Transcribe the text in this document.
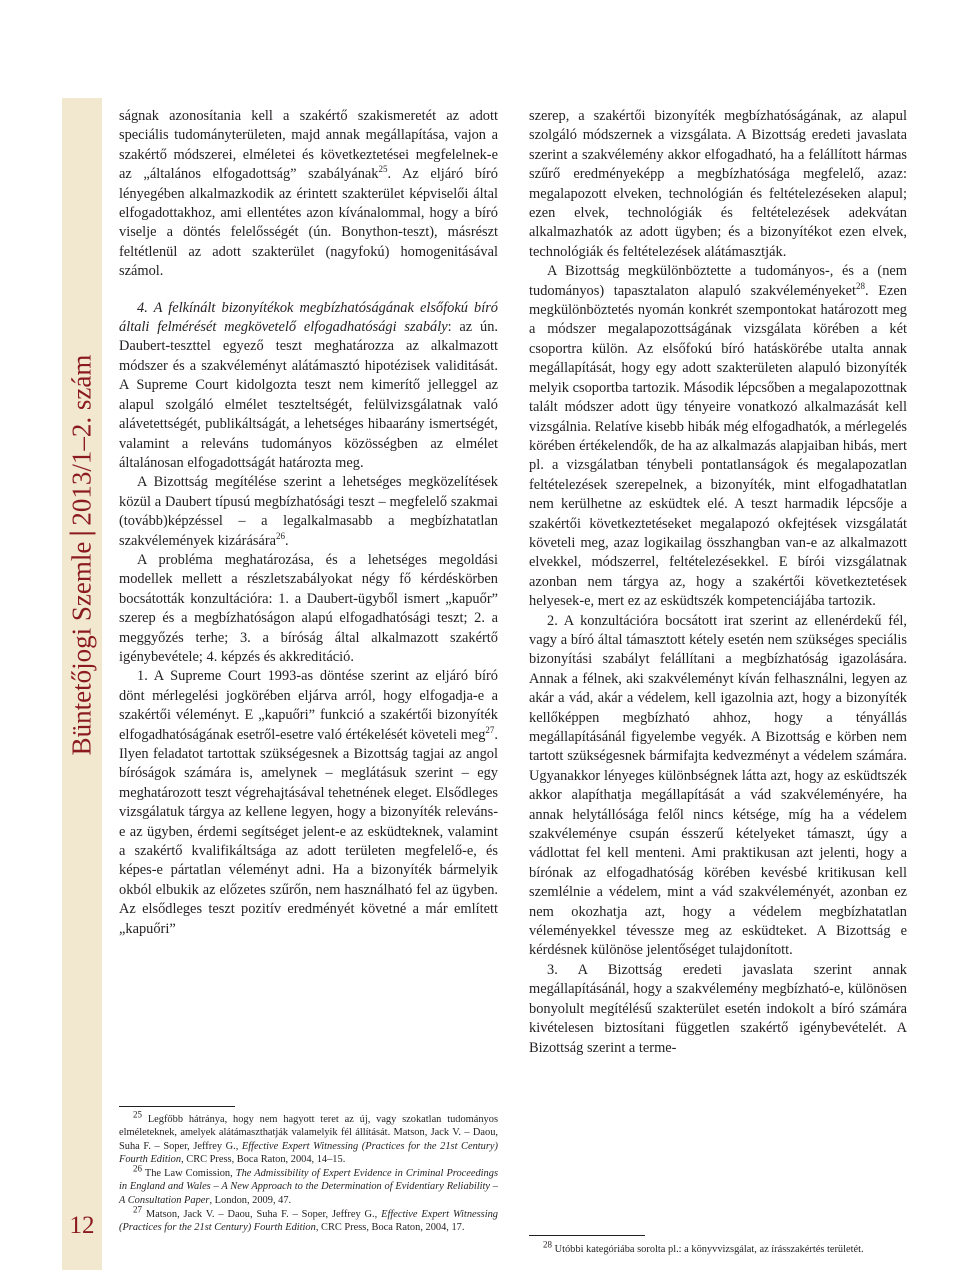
Büntetőjogi Szemle
2013/1–2. szám
12

ságnak azonosítania kell a szakértő szakismeretét az adott speciális tudományterületen, majd annak megállapítása, vajon a szakértő módszerei, elméletei és következtetései megfelelnek-e az „általános elfogadottság” szabályának$^{25}$. Az eljáró bíró lényegében alkalmazkodik az érintett szakterület képviselői által elfogadottakhoz, ami ellentétes azon kívánalommal, hogy a bíró viselje a döntés felelősségét (ún. Bonython-teszt), másrészt feltétlenül az adott szakterület (nagyfokú) homogenitásával számol.

4. A felkínált bizonyítékok megbízhatóságának elsőfokú bíró általi felmérését megkövetelő elfogadhatósági szabály: az ún. Daubert-teszttel egyező teszt meghatározza az alkalmazott módszer és a szakvéleményt alátámasztó hipotézisek validitását. A Supreme Court kidolgozta teszt nem kimerítő jelleggel az alapul szolgáló elmélet teszteltségét, felülvizsgálatnak való alávetettségét, publikáltságát, a lehetséges hibaarány ismertségét, valamint a releváns tudományos közösségben az elmélet általánosan elfogadottságát határozta meg.

A Bizottság megítélése szerint a lehetséges megközelítések közül a Daubert típusú megbízhatósági teszt – megfelelő szakmai (tovább)képzéssel – a legalkalmasabb a megbízhatatlan szakvélemények kizárására$^{26}$.

A probléma meghatározása, és a lehetséges megoldási modellek mellett a részletszabályokat négy fő kérdéskörben bocsátották konzultációra: 1. a Daubert-ügyből ismert „kapuőr” szerep és a megbízhatóságon alapú elfogadhatósági teszt; 2. a meggyőzés terhe; 3. a bíróság által alkalmazott szakértő igénybevétele; 4. képzés és akkreditáció.

1. A Supreme Court 1993-as döntése szerint az eljáró bíró dönt mérlegelési jogkörében eljárva arról, hogy elfogadja-e a szakértői véleményt. E „kapuőri” funkció a szakértői bizonyíték elfogadhatóságának esetről-esetre való értékelését követeli meg$^{27}$. Ilyen feladatot tartottak szükségesnek a Bizottság tagjai az angol bíróságok számára is, amelynek – meglátásuk szerint – egy meghatározott teszt végrehajtásával tehetnének eleget. Elsődleges vizsgálatuk tárgya az kellene legyen, hogy a bizonyíték releváns-e az ügyben, érdemi segítséget jelent-e az esküdteknek, valamint a szakértő kvalifikáltsága az adott területen megfelelő-e, és képes-e pártatlan véleményt adni. Ha a bizonyíték bármelyik okból elbukik az előzetes szűrőn, nem használható fel az ügyben. Az elsődleges teszt pozitív eredményét követné a már említett „kapuőri”

$^{25}$ Legfőbb hátránya, hogy nem hagyott teret az új, vagy szokatlan tudományos elméleteknek, amelyek alátámaszthatják valamelyik fél állítását. Matson, Jack V. – Daou, Suha F. – Soper, Jeffrey G., Effective Expert Witnessing (Practices for the 21st Century) Fourth Edition, CRC Press, Boca Raton, 2004, 14–15.

$^{26}$ The Law Comission, The Admissibility of Expert Evidence in Criminal Proceedings in England and Wales – A New Approach to the Determination of Evidentiary Reliability – A Consultation Paper, London, 2009, 47.

$^{27}$ Matson, Jack V. – Daou, Suha F. – Soper, Jeffrey G., Effective Expert Witnessing (Practices for the 21st Century) Fourth Edition, CRC Press, Boca Raton, 2004, 17.

szerep, a szakértői bizonyíték megbízhatóságának, az alapul szolgáló módszernek a vizsgálata. A Bizottság eredeti javaslata szerint a szakvélemény akkor elfogadható, ha a felállított hármas szűrő eredményeképp a megbízhatósága megfelelő, azaz: megalapozott elveken, technológián és feltételezéseken alapul; ezen elvek, technológiák és feltételezések adekvátan alkalmazhatók az adott ügyben; és a bizonyítékot ezen elvek, technológiák és feltételezések alátámasztják.

A Bizottság megkülönböztette a tudományos-, és a (nem tudományos) tapasztalaton alapuló szakvéleményeket$^{28}$. Ezen megkülönböztetés nyomán konkrét szempontokat határozott meg a módszer megalapozottságának vizsgálata körében a két csoportra külön. Az elsőfokú bíró hatáskörébe utalta annak megállapítását, hogy egy adott szakterületen alapuló bizonyíték melyik csoportba tartozik. Második lépcsőben a megalapozottnak talált módszer adott ügy tényeire vonatkozó alkalmazását kell vizsgálnia. Relatíve kisebb hibák még elfogadhatók, a mérlegelés körében értékelendők, de ha az alkalmazás alapjaiban hibás, mert pl. a vizsgálatban ténybeli pontatlanságok és megalapozatlan feltételezések szerepelnek, a bizonyíték, mint elfogadhatatlan nem kerülhetne az esküdtek elé. A teszt harmadik lépcsője a szakértői következtetéseket megalapozó okfejtések vizsgálatát követeli meg, azaz logikailag összhangban van-e az alkalmazott elvekkel, módszerrel, feltételezésekkel. E bírói vizsgálatnak azonban nem tárgya az, hogy a szakértői következtetések helyesek-e, mert ez az esküdtszék kompetenciájába tartozik.

2. A konzultációra bocsátott irat szerint az ellenérdekű fél, vagy a bíró által támasztott kétely esetén nem szükséges speciális bizonyítási szabályt felállítani a megbízhatóság igazolására. Annak a félnek, aki szakvéleményt kíván felhasználni, legyen az akár a vád, akár a védelem, kell igazolnia azt, hogy a bizonyíték kellőképpen megbízható ahhoz, hogy a tényállás megállapításánál figyelembe vegyék. A Bizottság e körben nem tartott szükségesnek bármifajta kedvezményt a védelem számára. Ugyanakkor lényeges különbségnek látta azt, hogy az esküdtszék akkor alapíthatja megállapítását a vád szakvéleményére, ha annak helytállósága felől nincs kétsége, míg ha a védelem szakvéleménye csupán ésszerű kételyeket támaszt, úgy a vádlottat fel kell menteni. Ami praktikusan azt jelenti, hogy a bírónak az elfogadhatóság körében kevésbé kritikusan kell szemlélnie a védelem, mint a vád szakvéleményét, azonban ez nem okozhatja azt, hogy a védelem megbízhatatlan véleményekkel tévessze meg az esküdteket. A Bizottság e kérdésnek különöse jelentőséget tulajdonított.

3. A Bizottság eredeti javaslata szerint annak megállapításánál, hogy a szakvélemény megbízható-e, különösen bonyolult megítélésű szakterület esetén indokolt a bíró számára kivételesen biztosítani független szakértő igénybevételét. A Bizottság szerint a terme-

$^{28}$ Utóbbi kategóriába sorolta pl.: a könyvvizsgálat, az írásszakértés területét.
